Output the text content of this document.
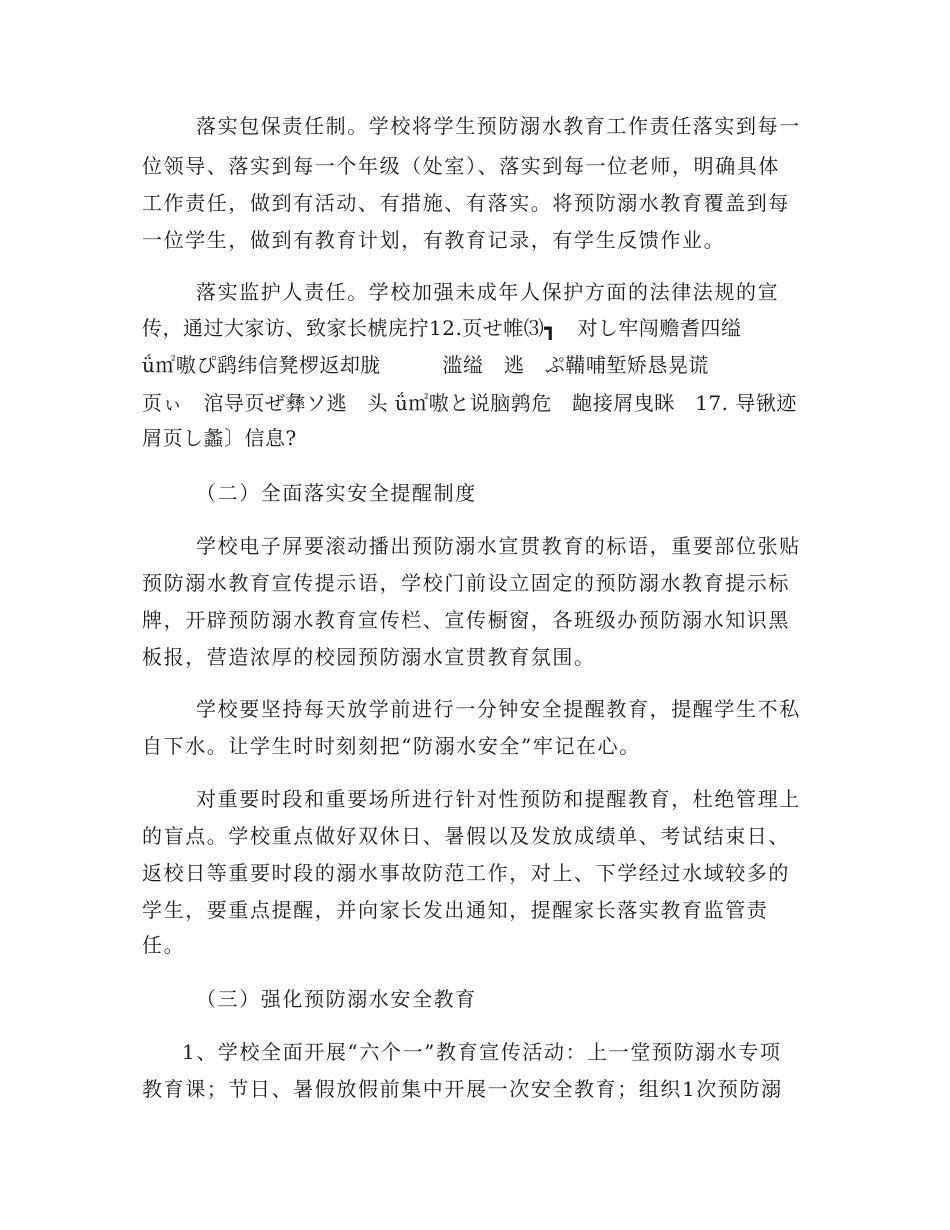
落实包保责任制。学校将学生预防溺水教育工作责任落实到每一
位领导、落实到每一个年级（处室）、落实到每一位老师，明确具体
工作责任，做到有活动、有措施、有落实。将预防溺水教育覆盖到每
一位学生，做到有教育计划，有教育记录，有学生反馈作业。
落实监护人责任。学校加强未成年人保护方面的法律法规的宣
传，通过大家访、致家长椃庑拧12.页せ帷⑶┓　对し牢闯赡耆四缢
ǘ㎡嗷ぴ鹞纬信凳椤返却胧　　　滥缢　逃　ぷ鞴哺堑矫恳晃谎
页ぃ　涫导页ぜ彝ソ逃　头 ǘ㎡嗷と说脑鹑危　龅接屑曳眯　17. 导锹迹
屑页し蠡〕信息?
（二）全面落实安全提醒制度
学校电子屏要滚动播出预防溺水宣贯教育的标语，重要部位张贴
预防溺水教育宣传提示语，学校门前设立固定的预防溺水教育提示标
牌，开辟预防溺水教育宣传栏、宣传橱窗，各班级办预防溺水知识黑
板报，营造浓厚的校园预防溺水宣贯教育氛围。
学校要坚持每天放学前进行一分钟安全提醒教育，提醒学生不私
自下水。让学生时时刻刻把“防溺水安全”牢记在心。
对重要时段和重要场所进行针对性预防和提醒教育，杜绝管理上
的盲点。学校重点做好双休日、暑假以及发放成绩单、考试结束日、
返校日等重要时段的溺水事故防范工作，对上、下学经过水域较多的
学生，要重点提醒，并向家长发出通知，提醒家长落实教育监管责
任。
（三）强化预防溺水安全教育
1、学校全面开展“六个一”教育宣传活动：上一堂预防溺水专项
教育课；节日、暑假放假前集中开展一次安全教育；组织1次预防溺
